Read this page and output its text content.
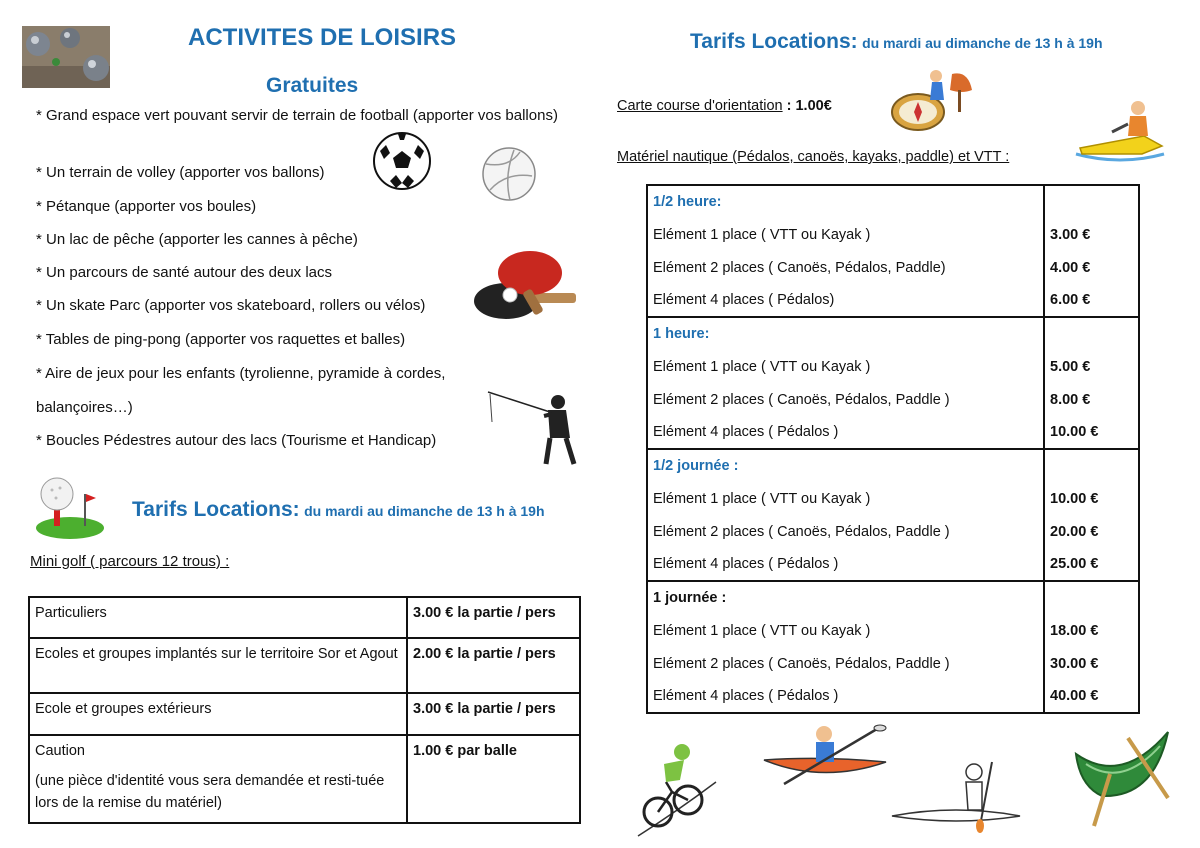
ACTIVITES DE LOISIRS
Gratuites
* Grand espace vert pouvant servir de terrain de football (apporter vos ballons)
* Un terrain de volley (apporter vos ballons)
* Pétanque (apporter vos boules)
* Un lac de pêche (apporter les cannes à pêche)
* Un parcours de santé autour des deux lacs
* Un skate Parc (apporter vos skateboard, rollers ou vélos)
* Tables de ping-pong (apporter vos raquettes et balles)
* Aire de jeux pour les enfants (tyrolienne, pyramide à cordes,
balançoires…)
* Boucles Pédestres autour des lacs (Tourisme et Handicap)
Tarifs Locations: du mardi au dimanche de 13 h à 19h
Mini golf ( parcours 12 trous) :
Particuliers	3.00 € la partie / pers
Ecoles et groupes implantés sur le territoire Sor et Agout	2.00 € la partie / pers
Ecole et groupes extérieurs	3.00 € la partie / pers

Caution
(une pièce d'identité vous sera demandée et resti-tuée lors de la remise du matériel)	1.00 € par balle
Tarifs Locations: du mardi au dimanche de 13 h à 19h
Carte course d'orientation : 1.00€
Matériel nautique (Pédalos, canoës, kayaks, paddle) et VTT :
1/2 heure:	
Elément 1 place ( VTT ou Kayak )	3.00 €
Elément 2 places ( Canoës, Pédalos, Paddle)	4.00 €
Elément 4 places ( Pédalos)	6.00 €
1 heure:	
Elément 1 place ( VTT ou Kayak )	5.00 €
Elément 2 places ( Canoës, Pédalos, Paddle )	8.00 €
Elément 4 places ( Pédalos )	10.00 €
1/2 journée :	
Elément 1 place ( VTT ou Kayak )	10.00 €
Elément 2 places ( Canoës, Pédalos, Paddle )	20.00 €
Elément 4 places ( Pédalos )	25.00 €
1 journée :	
Elément 1 place ( VTT ou Kayak )	18.00 €
Elément 2 places ( Canoës, Pédalos, Paddle )	30.00 €
Elément 4 places ( Pédalos )	40.00 €
